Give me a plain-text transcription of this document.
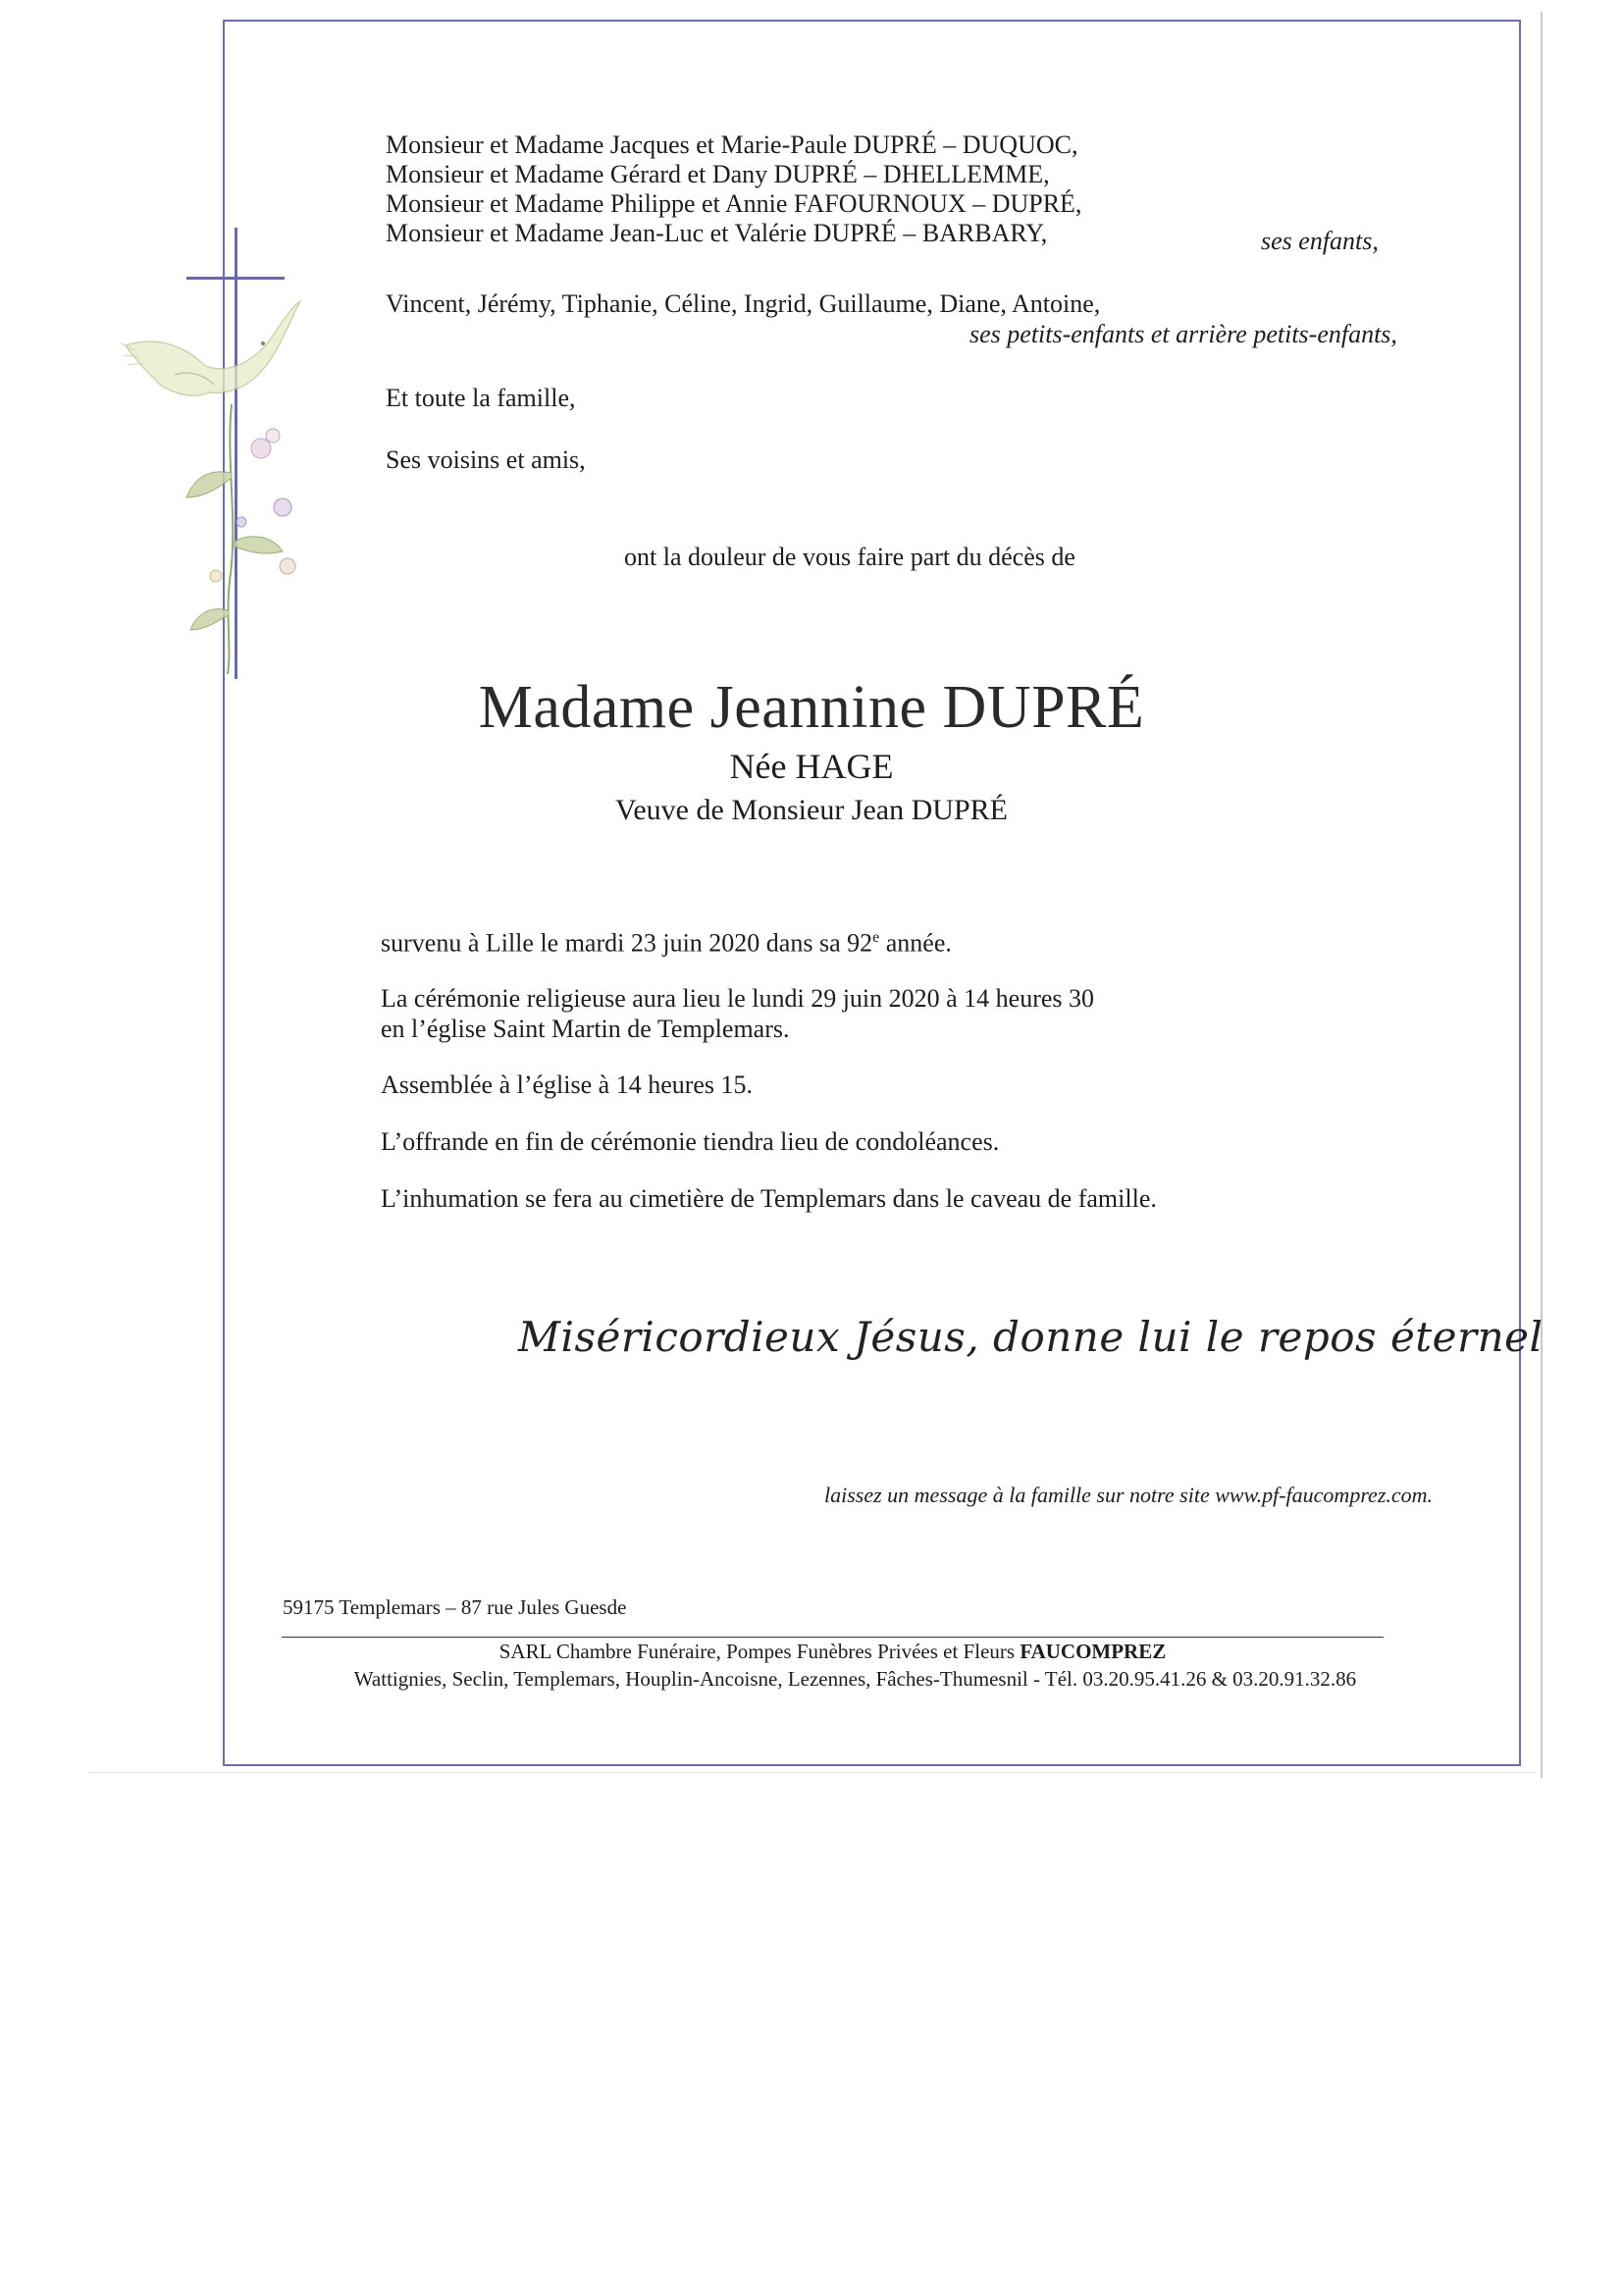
Monsieur et Madame Jacques et Marie-Paule DUPRÉ – DUQUOC,
Monsieur et Madame Gérard et Dany DUPRÉ – DHELLEMME,
Monsieur et Madame Philippe et Annie FAFOURNOUX – DUPRÉ,
Monsieur et Madame Jean-Luc et Valérie DUPRÉ – BARBARY,	ses enfants,
Vincent, Jérémy, Tiphanie, Céline, Ingrid, Guillaume, Diane, Antoine,
ses petits-enfants et arrière petits-enfants,
Et toute la famille,
Ses voisins et amis,
ont la douleur de vous faire part du décès de
Madame Jeannine DUPRÉ
Née HAGE
Veuve de Monsieur Jean DUPRÉ
survenu à Lille le mardi 23 juin 2020 dans sa 92e année.
La cérémonie religieuse aura lieu le lundi 29 juin 2020 à 14 heures 30
en l’église Saint Martin de Templemars.
Assemblée à l’église à 14 heures 15.
L’offrande en fin de cérémonie tiendra lieu de condoléances.
L’inhumation se fera au cimetière de Templemars dans le caveau de famille.
Miséricordieux Jésus, donne lui le repos éternel
laissez un message à la famille sur notre site www.pf-faucomprez.com.
59175 Templemars – 87 rue Jules Guesde
SARL Chambre Funéraire, Pompes Funèbres Privées et Fleurs FAUCOMPREZ
Wattignies, Seclin, Templemars, Houplin-Ancoisne, Lezennes, Fâches-Thumesnil - Tél. 03.20.95.41.26 & 03.20.91.32.86
